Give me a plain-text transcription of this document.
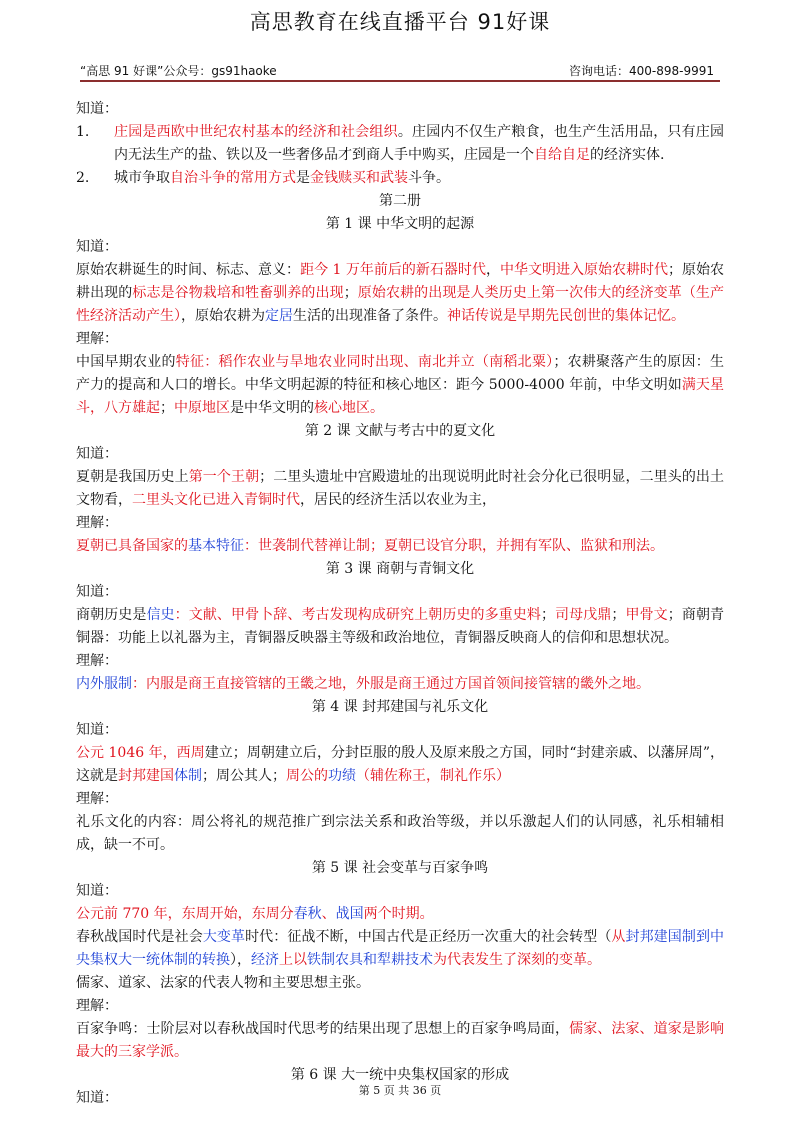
高思教育在线直播平台 91好课
“高思 91 好课”公众号：gs91haoke	咨询电话：400-898-9991
知道：
1.	庄园是西欧中世纪农村基本的经济和社会组织。庄园内不仅生产粮食，也生产生活用品，只有庄园内无法生产的盐、铁以及一些奢侈品才到商人手中购买，庄园是一个自给自足的经济实体.
2.	城市争取自治斗争的常用方式是金钱赎买和武装斗争。
第二册
第 1 课 中华文明的起源
知道：
原始农耕诞生的时间、标志、意义：距今 1 万年前后的新石器时代，中华文明进入原始农耕时代；原始农耕出现的标志是谷物栽培和牲畜驯养的出现；原始农耕的出现是人类历史上第一次伟大的经济变革（生产性经济活动产生），原始农耕为定居生活的出现准备了条件。神话传说是早期先民创世的集体记忆。
理解：
中国早期农业的特征：稻作农业与旱地农业同时出现、南北并立（南稻北粟）；农耕聚落产生的原因：生产力的提高和人口的增长。中华文明起源的特征和核心地区：距今 5000-4000 年前，中华文明如满天星斗，八方雄起；中原地区是中华文明的核心地区。
第 2 课 文献与考古中的夏文化
知道：
夏朝是我国历史上第一个王朝；二里头遗址中宫殿遗址的出现说明此时社会分化已很明显，二里头的出土文物看，二里头文化已进入青铜时代，居民的经济生活以农业为主，
理解：
夏朝已具备国家的基本特征：世袭制代替禅让制；夏朝已设官分职，并拥有军队、监狱和刑法。
第 3 课 商朝与青铜文化
知道：
商朝历史是信史：文献、甲骨卜辞、考古发现构成研究上朝历史的多重史料；司母戊鼎；甲骨文；商朝青铜器：功能上以礼器为主，青铜器反映器主等级和政治地位，青铜器反映商人的信仰和思想状况。
理解：
内外服制：内服是商王直接管辖的王畿之地，外服是商王通过方国首领间接管辖的畿外之地。
第 4 课 封邦建国与礼乐文化
知道：
公元 1046 年，西周建立；周朝建立后，分封臣服的殷人及原来殷之方国，同时“封建亲戚、以藩屏周”，这就是封邦建国体制；周公其人；周公的功绩（辅佐称王，制礼作乐）
理解：
礼乐文化的内容：周公将礼的规范推广到宗法关系和政治等级，并以乐激起人们的认同感，礼乐相辅相成，缺一不可。
第 5 课 社会变革与百家争鸣
知道：
公元前 770 年，东周开始，东周分春秋、战国两个时期。
春秋战国时代是社会大变革时代：征战不断，中国古代是正经历一次重大的社会转型（从封邦建国制到中央集权大一统体制的转换），经济上以铁制农具和犁耕技术为代表发生了深刻的变革。
儒家、道家、法家的代表人物和主要思想主张。
理解：
百家争鸣：士阶层对以春秋战国时代思考的结果出现了思想上的百家争鸣局面，儒家、法家、道家是影响最大的三家学派。
第 6 课 大一统中央集权国家的形成
知道：	第 5 页 共 36 页
